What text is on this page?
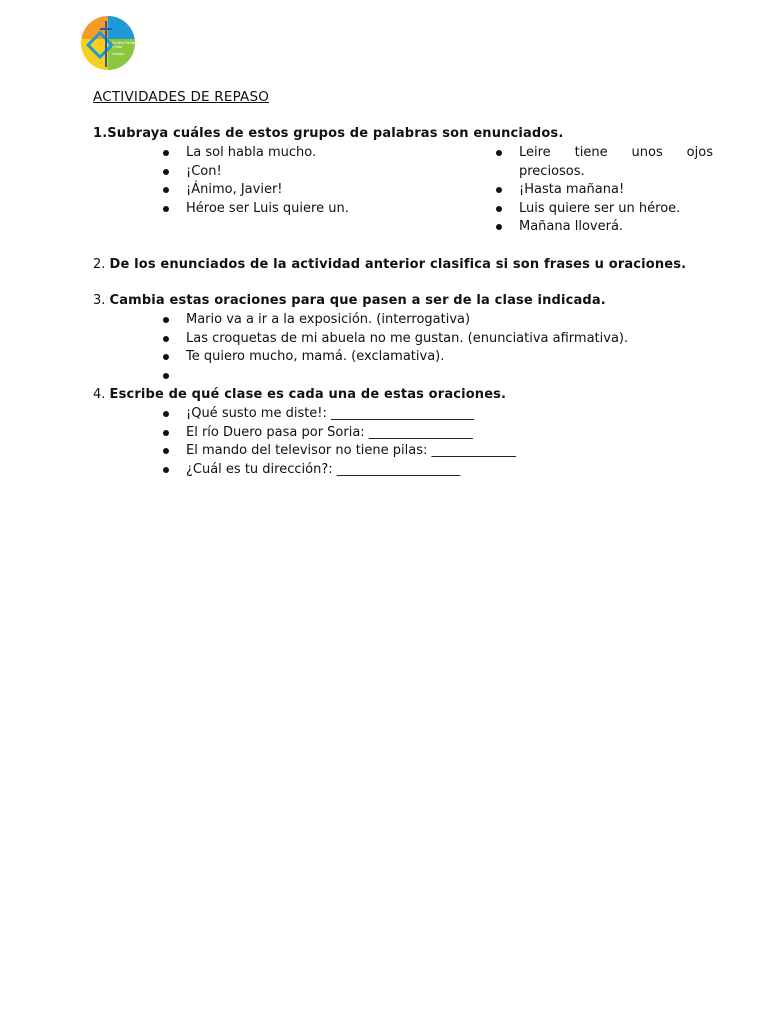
Centro Padres
Cristo
Colegio
ACTIVIDADES DE REPASO
1.Subraya cuáles de estos grupos de palabras son enunciados.
La sol habla mucho.
¡Con!
¡Ánimo, Javier!
Héroe ser Luis quiere un.
Leire tiene unos ojos
preciosos.
¡Hasta mañana!
Luis quiere ser un héroe.
Mañana lloverá.
2. De los enunciados de la actividad anterior clasifica si son frases u oraciones.
3. Cambia estas oraciones para que pasen a ser de la clase indicada.
Mario va a ir a la exposición. (interrogativa)
Las croquetas de mi abuela no me gustan. (enunciativa afirmativa).
Te quiero mucho, mamá. (exclamativa).
4. Escribe de qué clase es cada una de estas oraciones.
¡Qué susto me diste!: ______________________
El río Duero pasa por Soria: ________________
El mando del televisor no tiene pilas: _____________
¿Cuál es tu dirección?: ___________________
